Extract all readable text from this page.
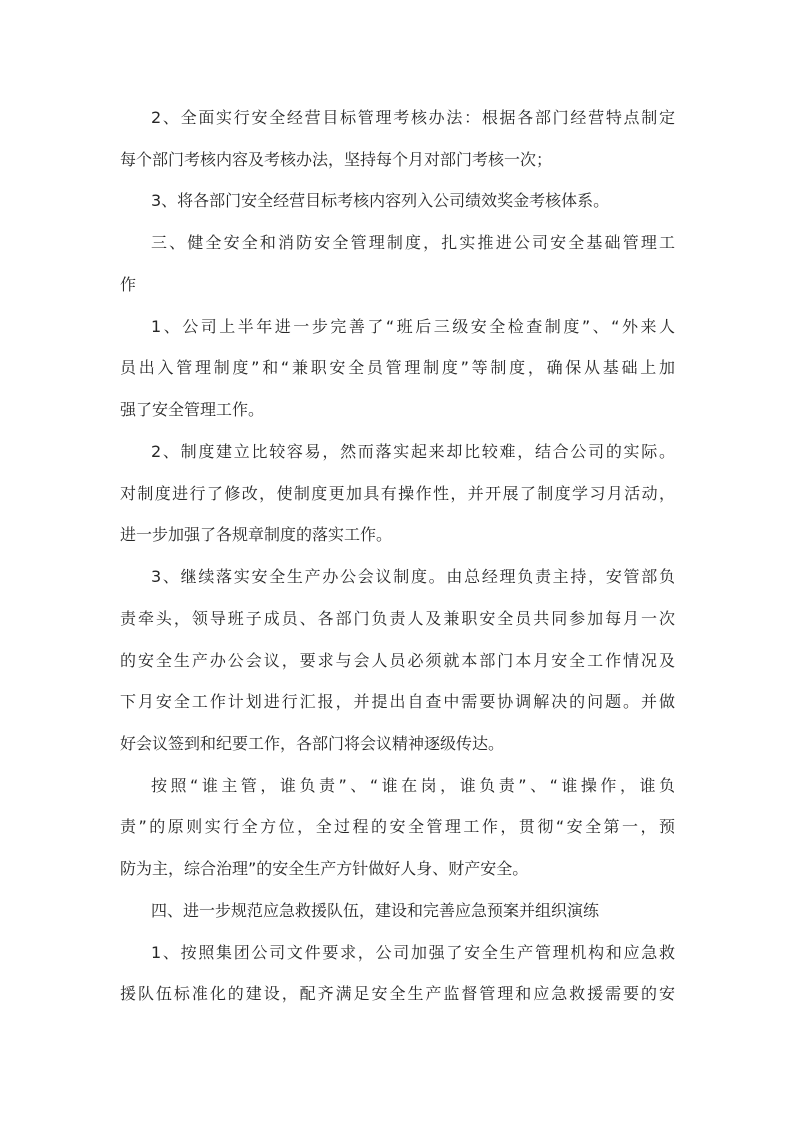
2、全面实行安全经营目标管理考核办法：根据各部门经营特点制定
每个部门考核内容及考核办法，坚持每个月对部门考核一次；
3、将各部门安全经营目标考核内容列入公司绩效奖金考核体系。
三、健全安全和消防安全管理制度，扎实推进公司安全基础管理工
作
1、公司上半年进一步完善了“班后三级安全检查制度”、“外来人
员出入管理制度”和“兼职安全员管理制度”等制度，确保从基础上加
强了安全管理工作。
2、制度建立比较容易，然而落实起来却比较难，结合公司的实际。
对制度进行了修改，使制度更加具有操作性，并开展了制度学习月活动，
进一步加强了各规章制度的落实工作。
3、继续落实安全生产办公会议制度。由总经理负责主持，安管部负
责牵头，领导班子成员、各部门负责人及兼职安全员共同参加每月一次
的安全生产办公会议，要求与会人员必须就本部门本月安全工作情况及
下月安全工作计划进行汇报，并提出自查中需要协调解决的问题。并做
好会议签到和纪要工作，各部门将会议精神逐级传达。
按照“谁主管，谁负责”、“谁在岗，谁负责”、“谁操作，谁负
责”的原则实行全方位，全过程的安全管理工作，贯彻“安全第一，预
防为主，综合治理”的安全生产方针做好人身、财产安全。
四、进一步规范应急救援队伍，建设和完善应急预案并组织演练
1、按照集团公司文件要求，公司加强了安全生产管理机构和应急救
援队伍标准化的建设，配齐满足安全生产监督管理和应急救援需要的安
